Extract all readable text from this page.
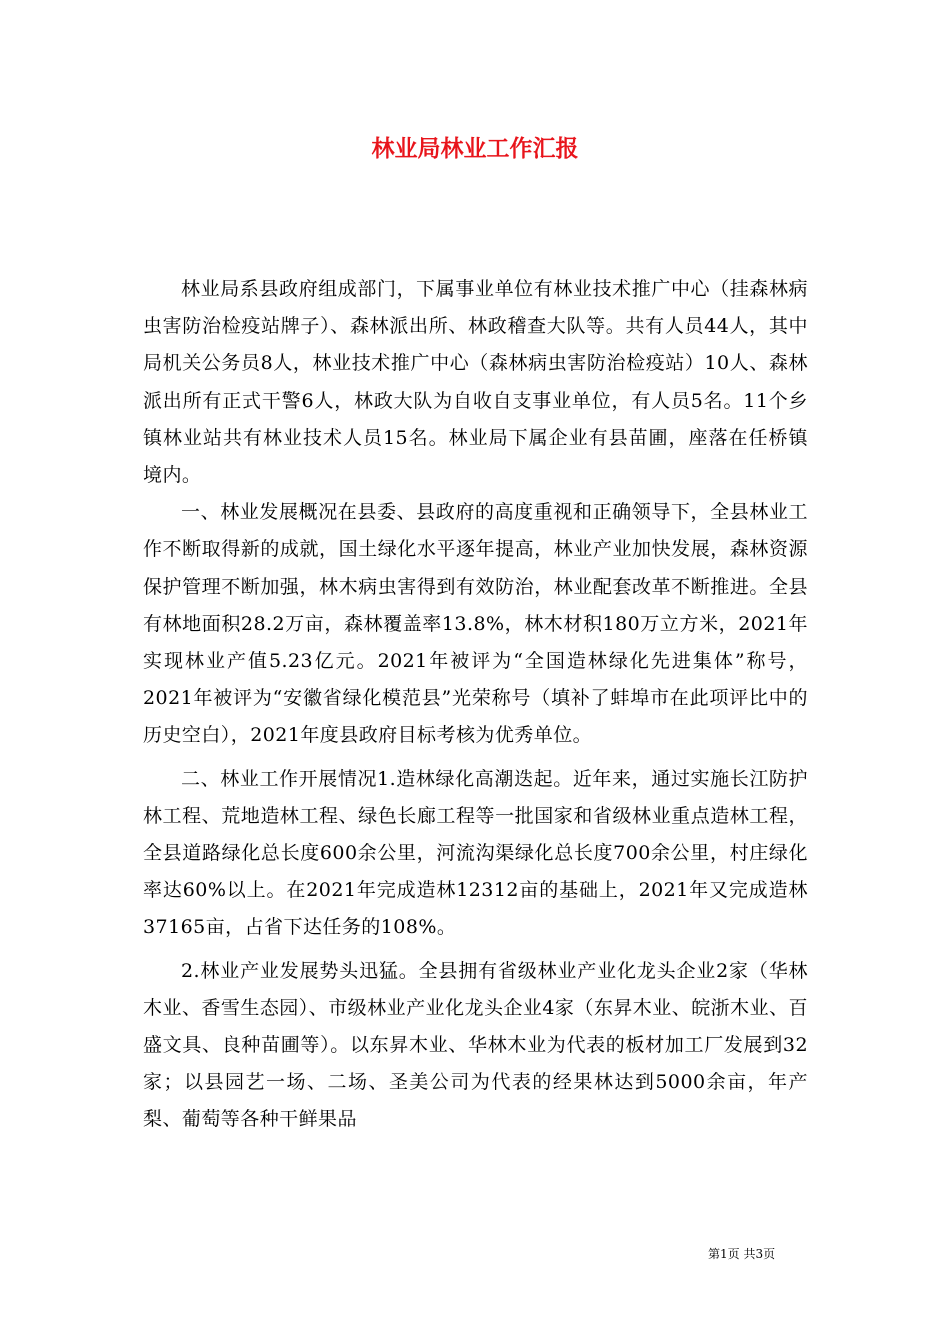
林业局林业工作汇报

林业局系县政府组成部门，下属事业单位有林业技术推广中心（挂森林病虫害防治检疫站牌子）、森林派出所、林政稽查大队等。共有人员44人，其中局机关公务员8人，林业技术推广中心（森林病虫害防治检疫站）10人、森林派出所有正式干警6人，林政大队为自收自支事业单位，有人员5名。11个乡镇林业站共有林业技术人员15名。林业局下属企业有县苗圃，座落在任桥镇境内。

一、林业发展概况在县委、县政府的高度重视和正确领导下，全县林业工作不断取得新的成就，国土绿化水平逐年提高，林业产业加快发展，森林资源保护管理不断加强，林木病虫害得到有效防治，林业配套改革不断推进。全县有林地面积28.2万亩，森林覆盖率13.8%，林木材积180万立方米，2021年实现林业产值5.23亿元。2021年被评为“全国造林绿化先进集体”称号，2021年被评为“安徽省绿化模范县”光荣称号（填补了蚌埠市在此项评比中的历史空白），2021年度县政府目标考核为优秀单位。

二、林业工作开展情况1.造林绿化高潮迭起。近年来，通过实施长江防护林工程、荒地造林工程、绿色长廊工程等一批国家和省级林业重点造林工程，全县道路绿化总长度600余公里，河流沟渠绿化总长度700余公里，村庄绿化率达60%以上。在2021年完成造林12312亩的基础上，2021年又完成造林37165亩，占省下达任务的108%。

2.林业产业发展势头迅猛。全县拥有省级林业产业化龙头企业2家（华林木业、香雪生态园）、市级林业产业化龙头企业4家（东昇木业、皖浙木业、百盛文具、良种苗圃等）。以东昇木业、华林木业为代表的板材加工厂发展到32家；以县园艺一场、二场、圣美公司为代表的经果林达到5000余亩，年产梨、葡萄等各种干鲜果品

第1页 共3页
